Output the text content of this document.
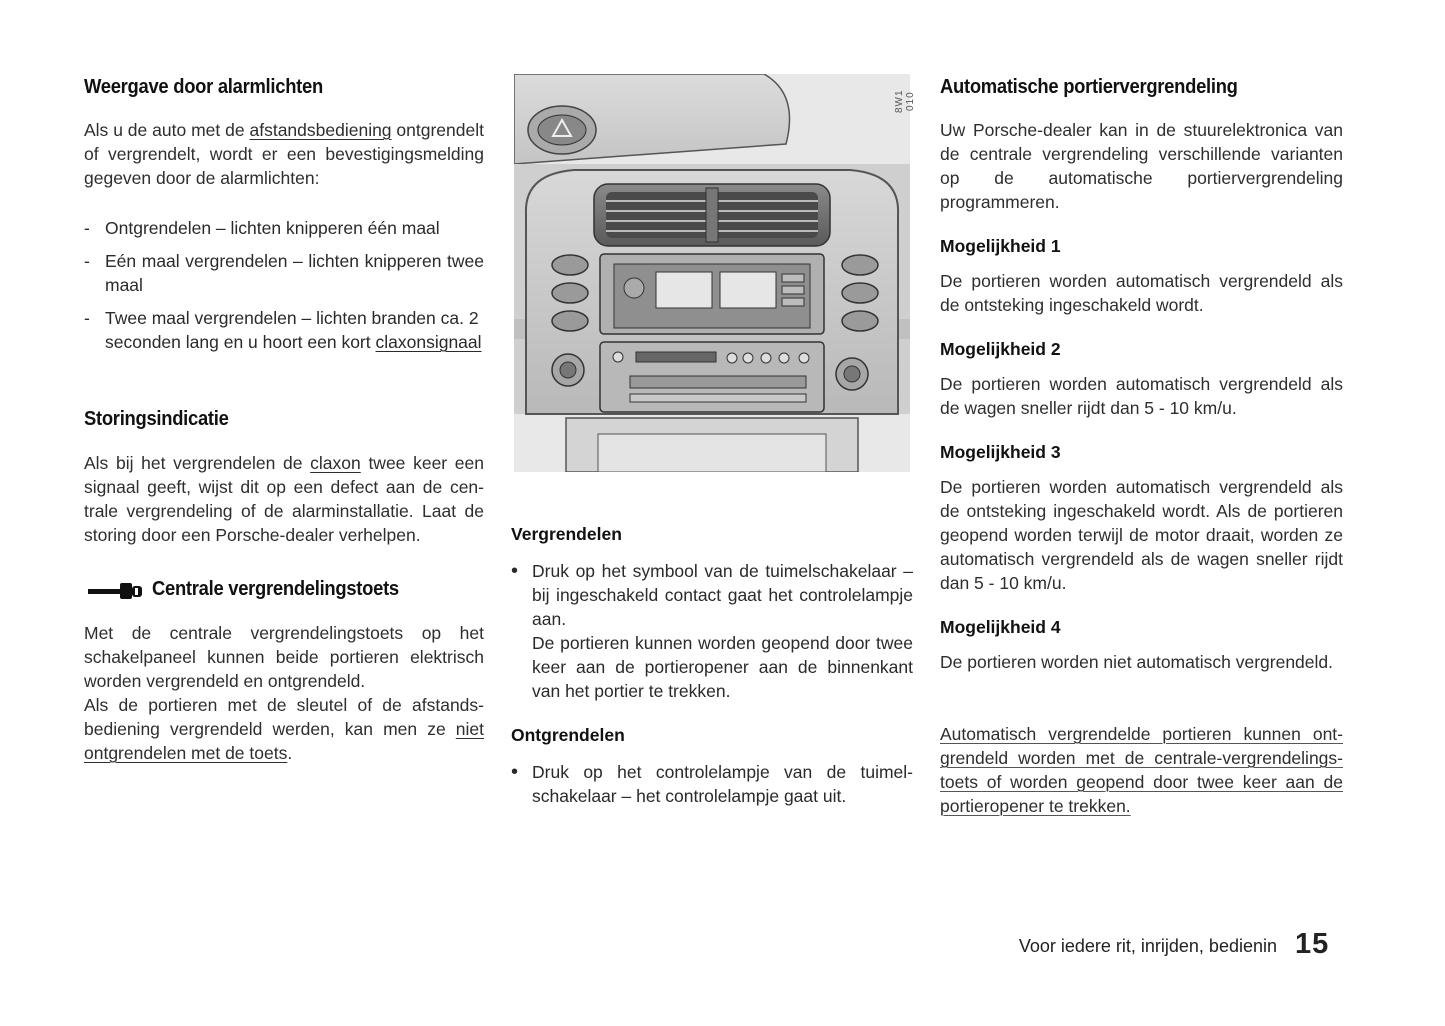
Weergave door alarmlichten

Als u de auto met de afstandsbediening ontgrendelt of vergrendelt, wordt er een bevestigingsmelding gegeven door de alarmlichten:

- Ontgrendelen – lichten knipperen één maal
- Eén maal vergrendelen – lichten knipperen twee maal
- Twee maal vergrendelen – lichten branden ca. 2 seconden lang en u hoort een kort claxonsignaal
Storingsindicatie

Als bij het vergrendelen de claxon twee keer een signaal geeft, wijst dit op een defect aan de centrale vergrendeling of de alarminstallatie. Laat de storing door een Porsche-dealer verhelpen.

Centrale vergrendelingstoets

Met de centrale vergrendelingstoets op het schakelpaneel kunnen beide portieren elektrisch worden vergrendeld en ontgrendeld.

Als de portieren met de sleutel of de afstandsbediening vergrendeld werden, kan men ze niet ontgrendelen met de toets.

8W1 010
Vergrendelen
• Druk op het symbool van de tuimelschakelaar – bij ingeschakeld contact gaat het controlelampje aan.
De portieren kunnen worden geopend door twee keer aan de portieropener aan de binnenkant van het portier te trekken.
Ontgrendelen
• Druk op het controlelampje van de tuimelschakelaar – het controlelampje gaat uit.
Automatische portiervergrendeling

Uw Porsche-dealer kan in de stuurelektronica van de centrale vergrendeling verschillende varianten op de automatische portiervergrendeling programmeren.

Mogelijkheid 1

De portieren worden automatisch vergrendeld als de ontsteking ingeschakeld wordt.

Mogelijkheid 2

De portieren worden automatisch vergrendeld als de wagen sneller rijdt dan 5 - 10 km/u.

Mogelijkheid 3

De portieren worden automatisch vergrendeld als de ontsteking ingeschakeld wordt. Als de portieren geopend worden terwijl de motor draait, worden ze automatisch vergrendeld als de wagen sneller rijdt dan 5 - 10 km/u.

Mogelijkheid 4

De portieren worden niet automatisch vergrendeld.

Automatisch vergrendelde portieren kunnen ontgrendeld worden met de centrale-vergrendelingstoets of worden geopend door twee keer aan de portieropener te trekken.

Voor iedere rit, inrijden, bedienin 15
